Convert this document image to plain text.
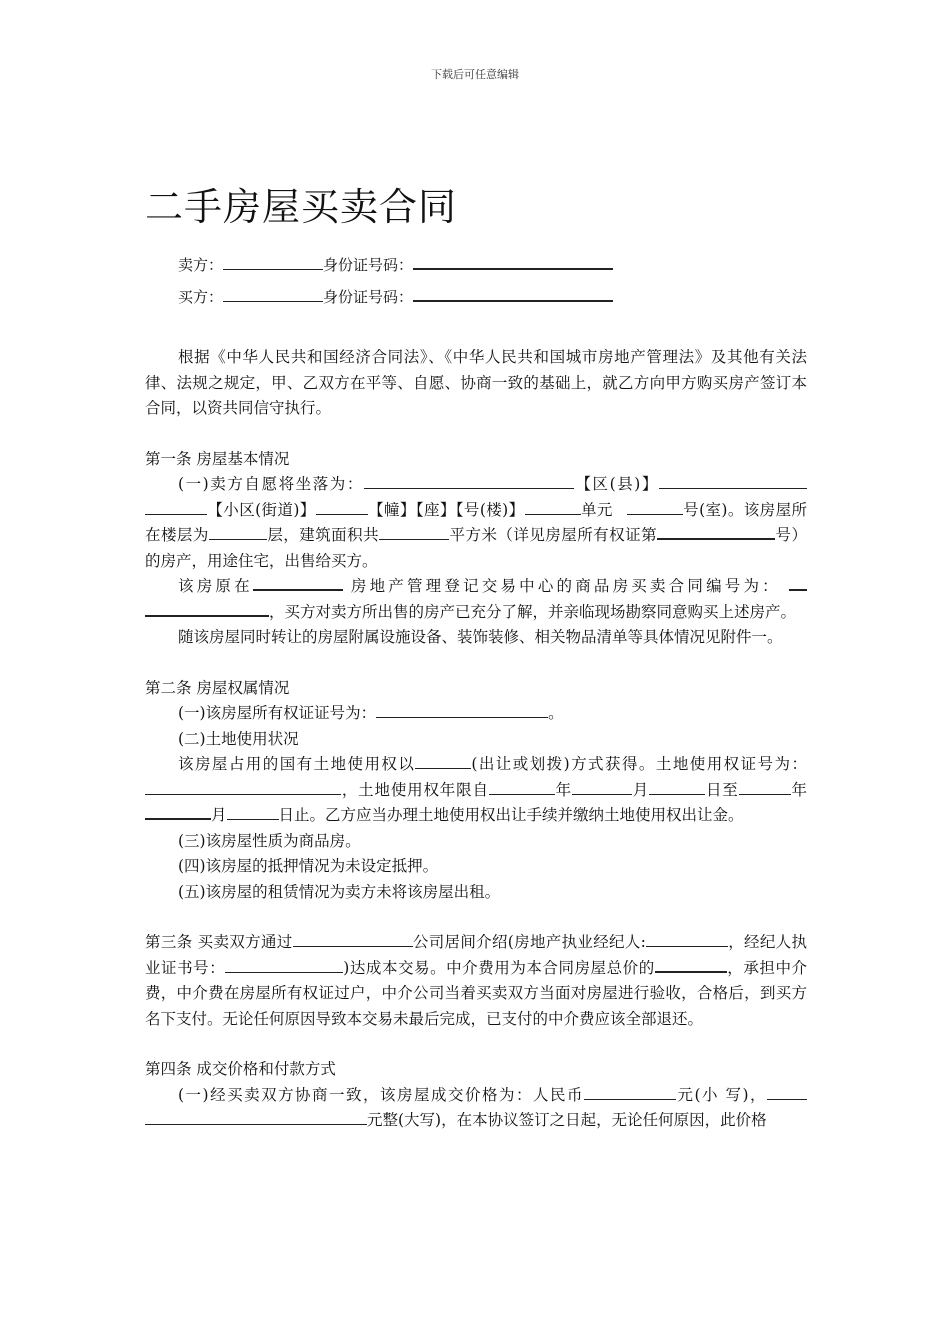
下载后可任意编辑
二手房屋买卖合同
卖方：	身份证号码：
买方：	身份证号码：

根据《中华人民共和国经济合同法》、《中华人民共和国城市房地产管理法》及其他有关法律、法规之规定，甲、乙双方在平等、自愿、协商一致的基础上，就乙方向甲方购买房产签订本合同，以资共同信守执行。

第一条 房屋基本情况

(一)卖方自愿将坐落为：	【区(县)】【小区(街道)】	【幢】【座】【号(楼)】	单元	号(室)。该房屋所在楼层为	层，建筑面积共	平方米（详见房屋所有权证第	号）的房产，用途住宅，出售给买方。

该房原在	房地产管理登记交易中心的商品房买卖合同编号为： ，买方对卖方所出售的房产已充分了解，并亲临现场勘察同意购买上述房产。

随该房屋同时转让的房屋附属设施设备、装饰装修、相关物品清单等具体情况见附件一。

第二条 房屋权属情况

(一)该房屋所有权证证号为：	。

(二)土地使用状况

该房屋占用的国有土地使用权以	(出让或划拨)方式获得。土地使用权证号为：，土地使用权年限自	年	月	日至	年月	日止。乙方应当办理土地使用权出让手续并缴纳土地使用权出让金。

(三)该房屋性质为商品房。

(四)该房屋的抵押情况为未设定抵押。

(五)该房屋的租赁情况为卖方未将该房屋出租。

第三条 买卖双方通过	公司居间介绍(房地产执业经纪人:	，经纪人执业证书号：	)达成本交易。中介费用为本合同房屋总价的	，承担中介费，中介费在房屋所有权证过户，中介公司当着买卖双方当面对房屋进行验收，合格后，到买方名下支付。无论任何原因导致本交易未最后完成，已支付的中介费应该全部退还。

第四条 成交价格和付款方式

(一)经买卖双方协商一致，该房屋成交价格为：人民币	元(小 写)，元整(大写)，在本协议签订之日起，无论任何原因，此价格
